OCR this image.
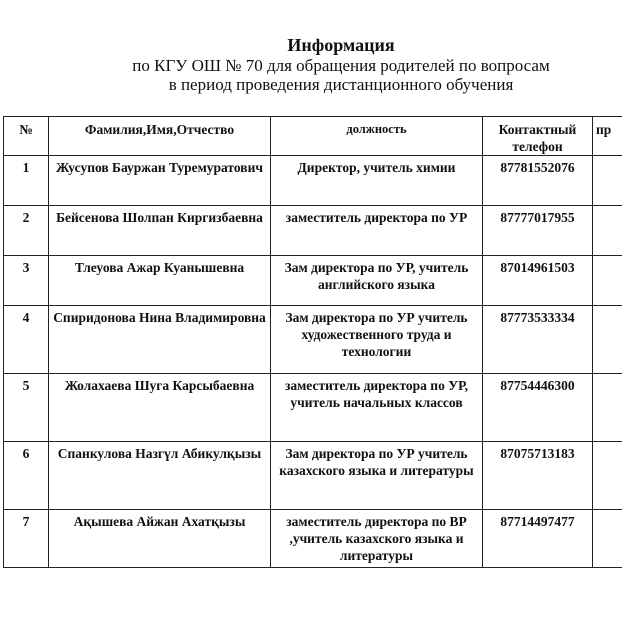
Информация
по КГУ ОШ № 70 для обращения родителей по вопросам
в период проведения дистанционного обучения
№	Фамилия,Имя,Отчество	должность	Контактный телефон	пр
1	Жусупов Бауржан Туремуратович	Директор, учитель химии	87781552076	
2	Бейсенова Шолпан Киргизбаевна	заместитель директора по УР	87777017955	
3	Тлеуова Ажар Куанышевна	Зам директора по УР, учитель английского языка	87014961503	
4	Спиридонова Нина Владимировна	Зам директора по УР учитель художественного труда и технологии	87773533334	
5	Жолахаева Шуга Карсыбаевна	заместитель директора по УР, учитель начальных классов	87754446300	
6	Спанкулова Назгүл Абикулқызы	Зам директора по УР учитель казахского языка и литературы	87075713183	
7	Ақышева Айжан Ахатқызы	заместитель директора по ВР ,учитель казахского языка и литературы	87714497477	
